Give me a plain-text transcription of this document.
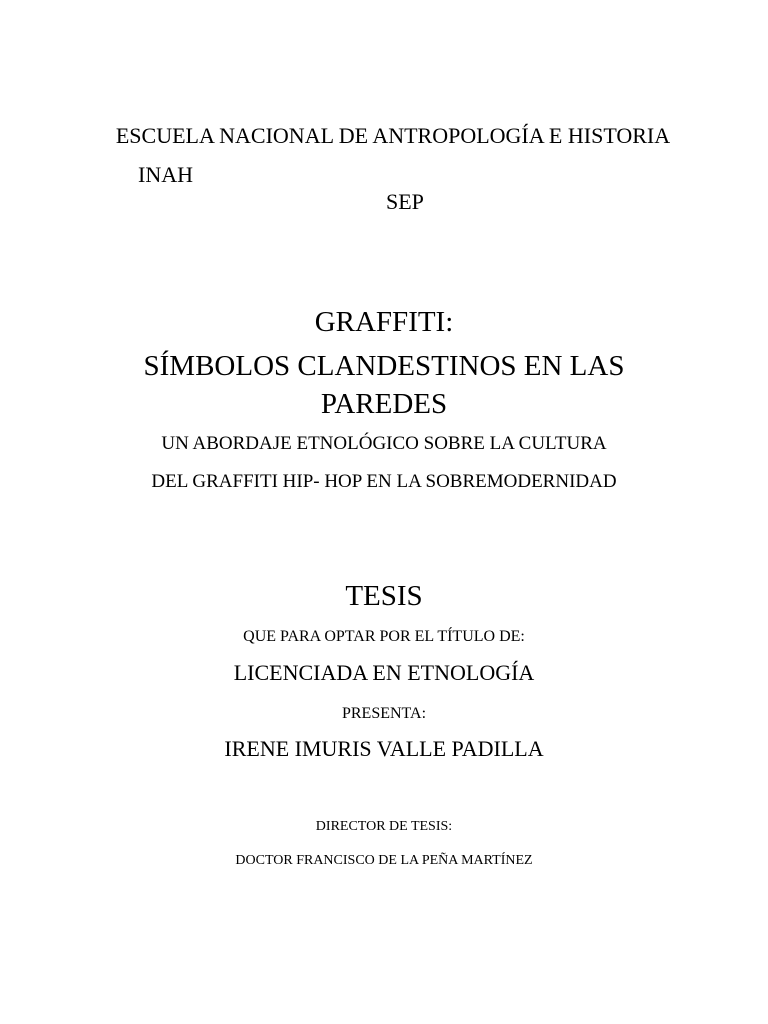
ESCUELA NACIONAL DE ANTROPOLOGÍA E HISTORIA
INAH
SEP
GRAFFITI:
SÍMBOLOS CLANDESTINOS EN LAS
PAREDES
UN ABORDAJE ETNOLÓGICO SOBRE LA CULTURA
DEL GRAFFITI HIP- HOP EN LA SOBREMODERNIDAD
TESIS
QUE PARA OPTAR POR EL TÍTULO DE:
LICENCIADA EN ETNOLOGÍA
PRESENTA:
IRENE IMURIS VALLE PADILLA
DIRECTOR DE TESIS:
DOCTOR FRANCISCO DE LA PEÑA MARTÍNEZ
